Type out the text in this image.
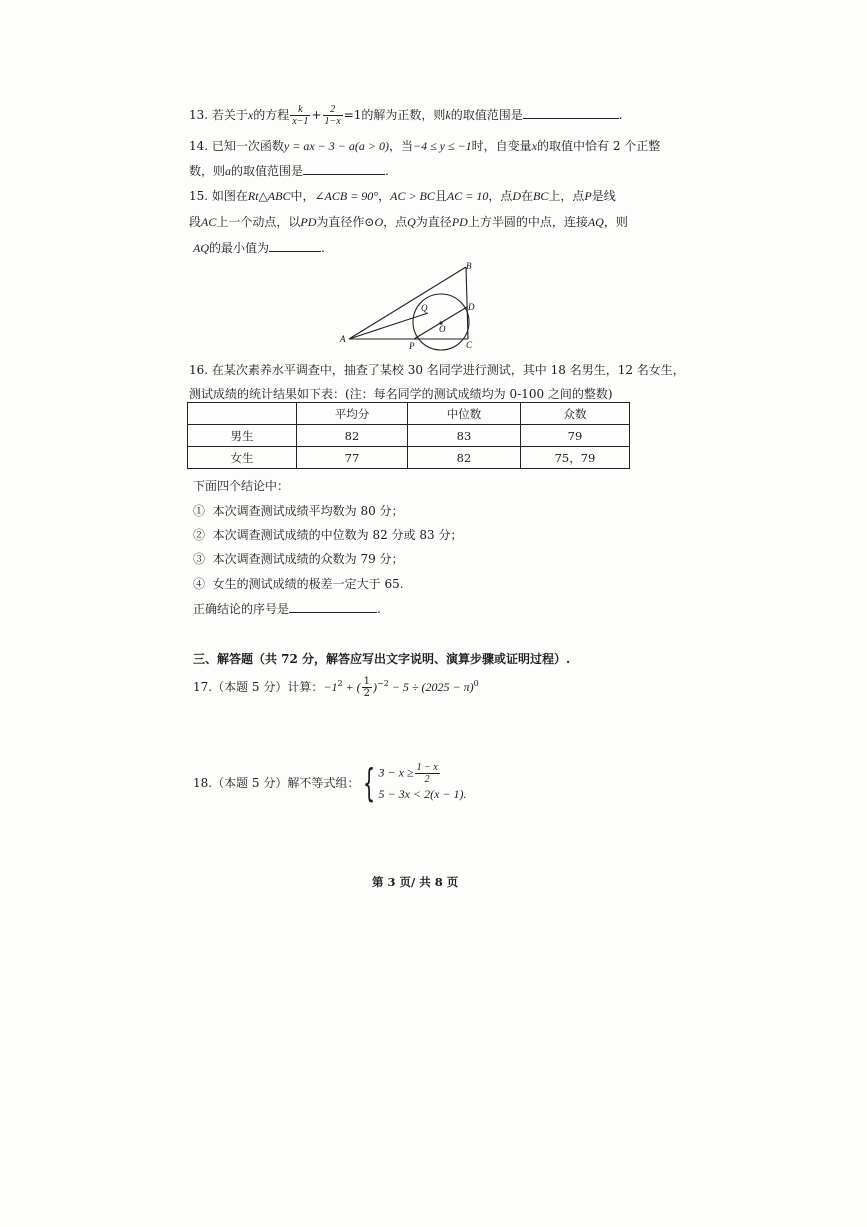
13. 若关于x的方程 $\frac{k}{x-1} + \frac{2}{1-x} =1$的解为正数，则k的取值范围是	.
14. 已知一次函数y = ax − 3 − a(a > 0)，当−4 ≤ y ≤ −1时，自变量x的取值中恰有 2 个正整
数，则a的取值范围是	.
15. 如图在Rt△ABC中，∠ACB = 90°，AC > BC且AC = 10，点D在BC上，点P是线
段AC上一个动点，以PD为直径作⊙O，点Q为直径PD上方半圆的中点，连接AQ，则
AQ的最小值为	.
A
B
C
D
P
Q
O
16. 在某次素养水平调查中，抽查了某校 30 名同学进行测试，其中 18 名男生，12 名女生，
测试成绩的统计结果如下表：(注：每名同学的测试成绩均为 0-100 之间的整数)
	平均分	中位数	众数
男生	82	83	79
女生	77	82	75，79
下面四个结论中：
① 本次调查测试成绩平均数为 80 分；
② 本次调查测试成绩的中位数为 82 分或 83 分；
③ 本次调查测试成绩的众数为 79 分；
④ 女生的测试成绩的极差一定大于 65.
正确结论的序号是	.
三、解答题（共 72 分，解答应写出文字说明、演算步骤或证明过程）.
17.（本题 5 分）计算：$-1^2$ + ( $\frac{1}{2} )^{-2} - 5 \div (2025 - \pi)^0$
18.（本题 5 分）解不等式组： { $3 - x \ge \frac{1 - x}{2}$
5 − 3x < 2(x − 1).
第 3 页/ 共 8 页
